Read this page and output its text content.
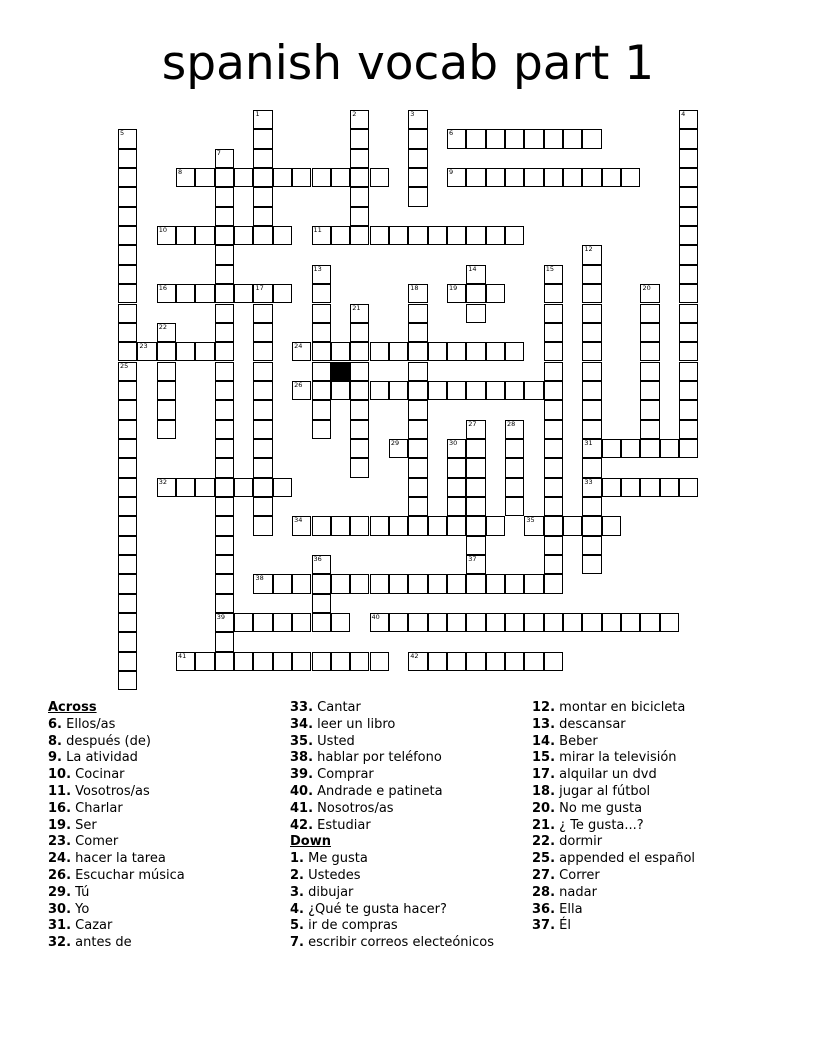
spanish vocab part 1
1	2	3	4
5	6
7
39
8	9
10	11
12
31
33
13	14	15
16	17	18	19	20
21
22
23	24
25
26
27
37
28
29	30
32
34	35
36
38
40
41	42
Across
6. Ellos/as
8. después (de)
9. La atividad
10. Cocinar
11. Vosotros/as
16. Charlar
19. Ser
23. Comer
24. hacer la tarea
26. Escuchar música
29. Tú
30. Yo
31. Cazar
32. antes de
33. Cantar
34. leer un libro
35. Usted
38. hablar por teléfono
39. Comprar
40. Andrade e patineta
41. Nosotros/as
42. Estudiar
Down
1. Me gusta
2. Ustedes
3. dibujar
4. ¿Qué te gusta hacer?
5. ir de compras
7. escribir correos electeónicos
12. montar en bicicleta
13. descansar
14. Beber
15. mirar la televisión
17. alquilar un dvd
18. jugar al fútbol
20. No me gusta
21. ¿ Te gusta...?
22. dormir
25. appended el español
27. Correr
28. nadar
36. Ella
37. Él
